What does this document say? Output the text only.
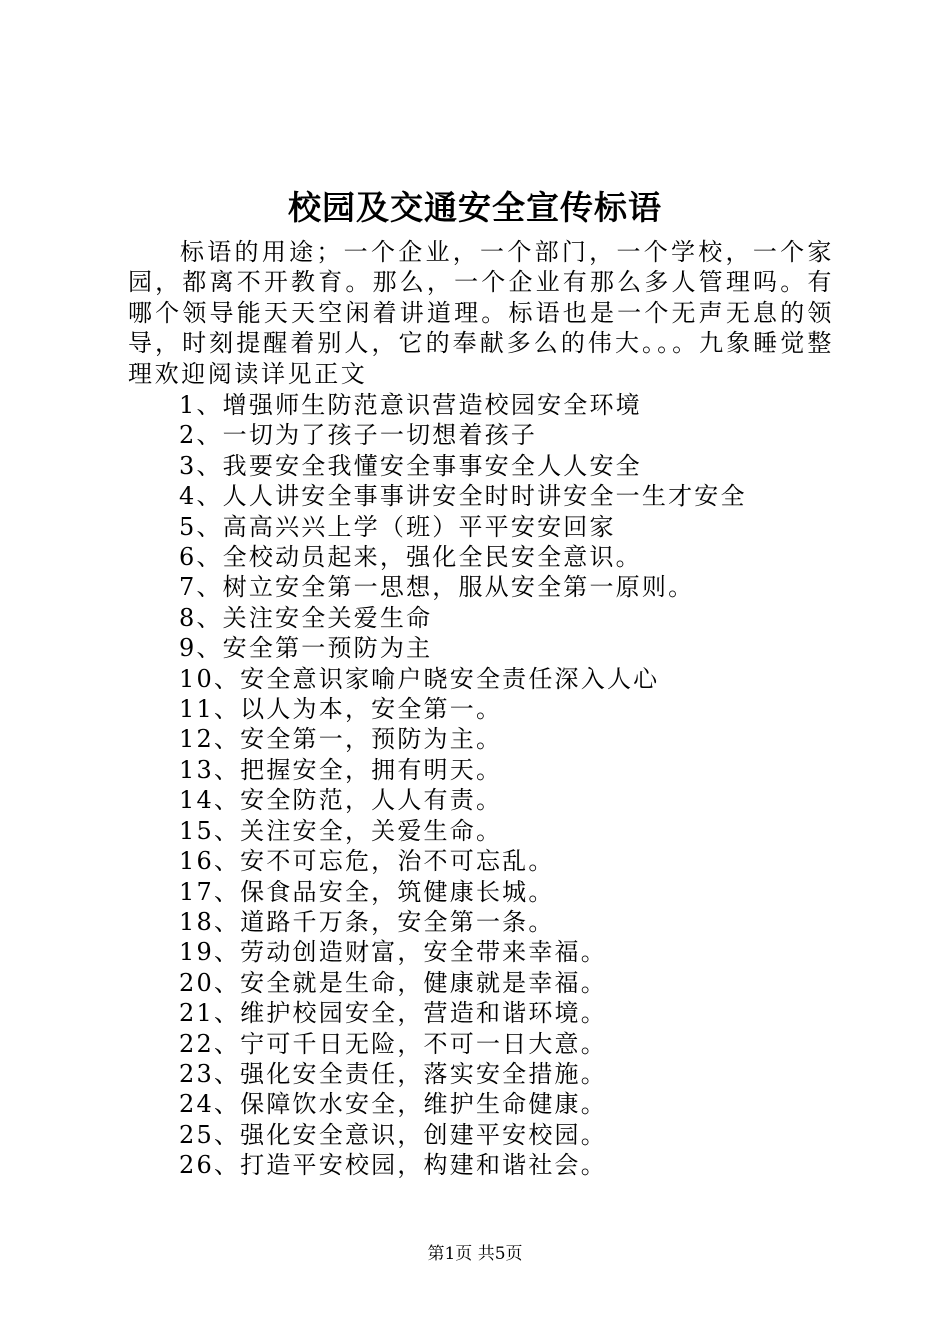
校园及交通安全宣传标语

标语的用途；一个企业，一个部门，一个学校，一个家园，都离不开教育。那么，一个企业有那么多人管理吗。有哪个领导能天天空闲着讲道理。标语也是一个无声无息的领导，时刻提醒着别人，它的奉献多么的伟大。。。九象睡觉整理欢迎阅读详见正文

1、增强师生防范意识营造校园安全环境
2、一切为了孩子一切想着孩子
3、我要安全我懂安全事事安全人人安全
4、人人讲安全事事讲安全时时讲安全一生才安全
5、高高兴兴上学（班）平平安安回家
6、全校动员起来，强化全民安全意识。
7、树立安全第一思想，服从安全第一原则。
8、关注安全关爱生命
9、安全第一预防为主
10、安全意识家喻户晓安全责任深入人心
11、以人为本，安全第一。
12、安全第一，预防为主。
13、把握安全，拥有明天。
14、安全防范，人人有责。
15、关注安全，关爱生命。
16、安不可忘危，治不可忘乱。
17、保食品安全，筑健康长城。
18、道路千万条，安全第一条。
19、劳动创造财富，安全带来幸福。
20、安全就是生命，健康就是幸福。
21、维护校园安全，营造和谐环境。
22、宁可千日无险，不可一日大意。
23、强化安全责任，落实安全措施。
24、保障饮水安全，维护生命健康。
25、强化安全意识，创建平安校园。
26、打造平安校园，构建和谐社会。
第1页 共5页
